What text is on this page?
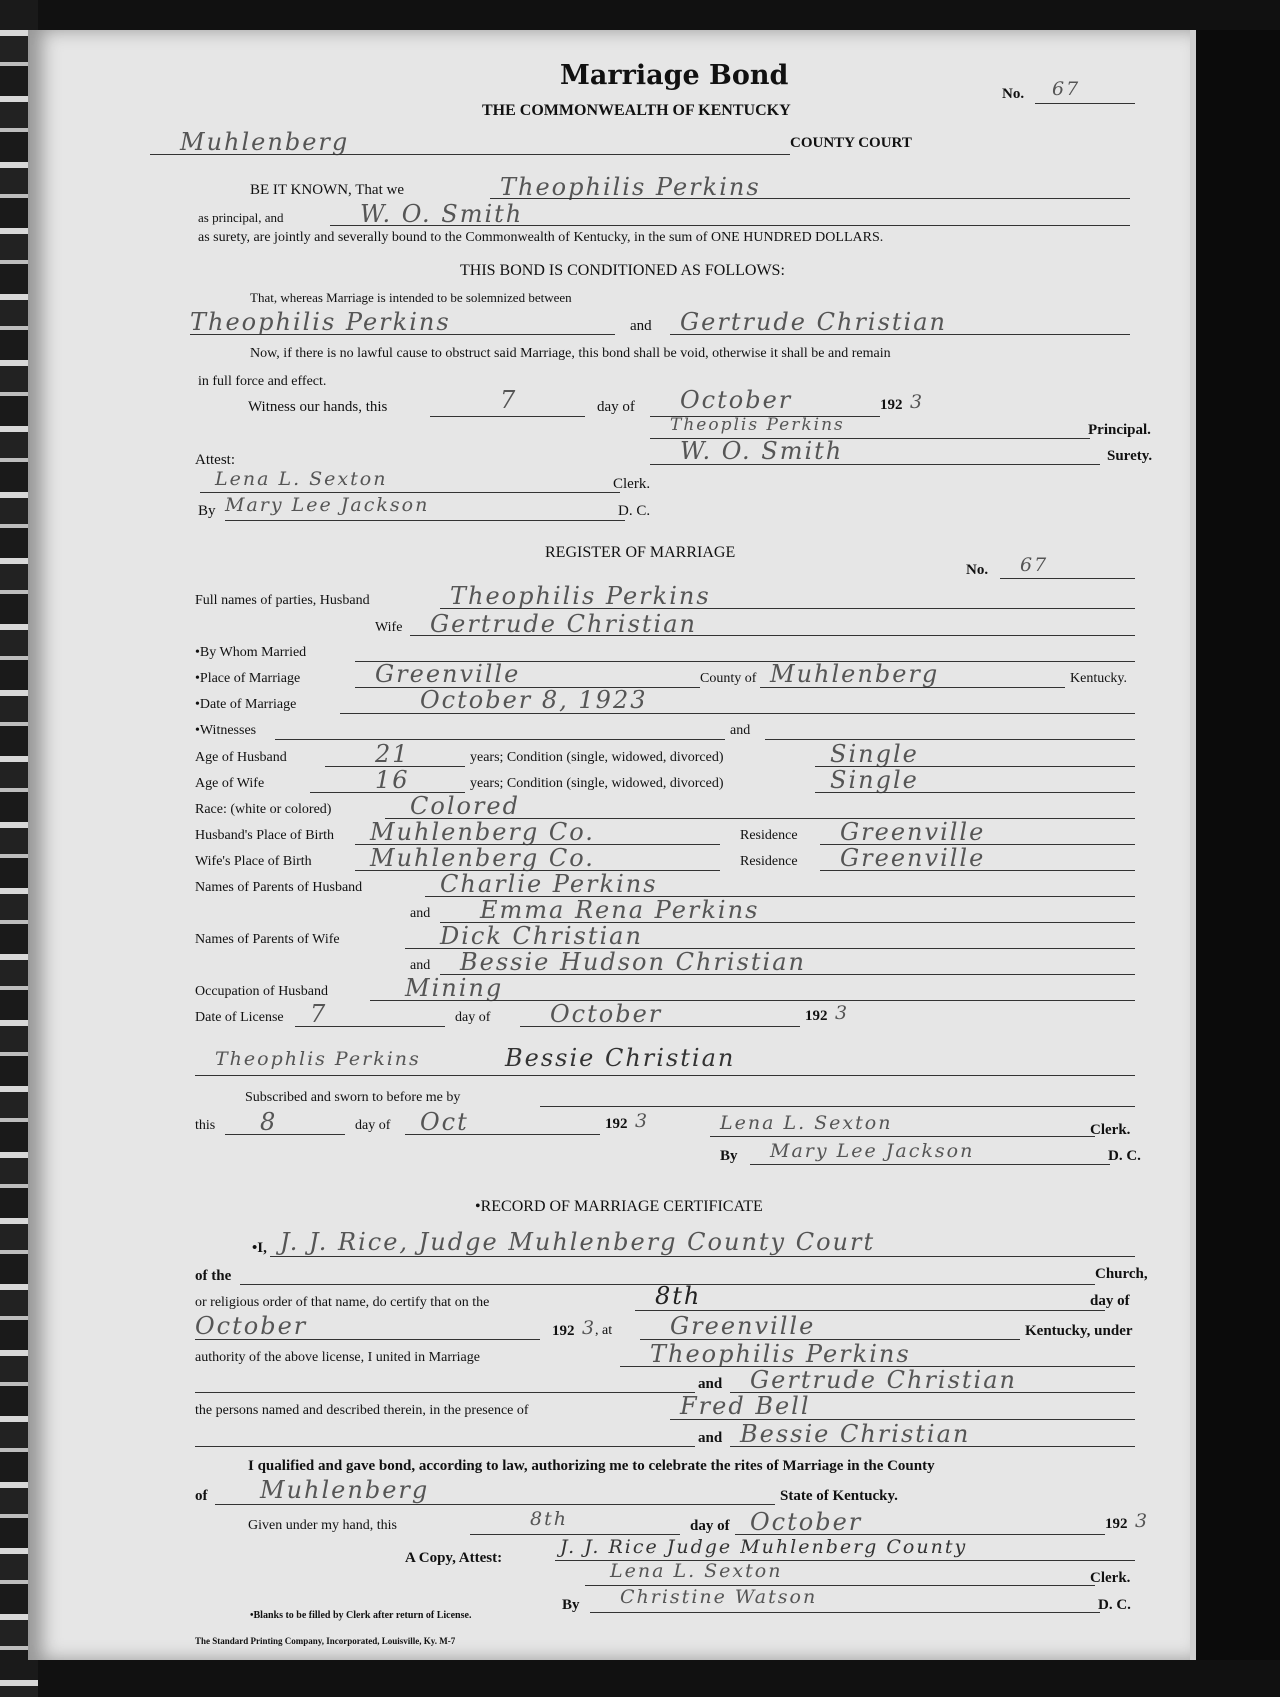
Marriage Bond
THE COMMONWEALTH OF KENTUCKY
No. 67
Muhlenberg	COUNTY COURT
BE IT KNOWN, That we	Theophilis Perkins
as principal, and	W. O. Smith
as surety, are jointly and severally bound to the Commonwealth of Kentucky, in the sum of ONE HUNDRED DOLLARS.
THIS BOND IS CONDITIONED AS FOLLOWS:
That, whereas Marriage is intended to be solemnized between
Theophilis Perkins	and Gertrude Christian
Now, if there is no lawful cause to obstruct said Marriage, this bond shall be void, otherwise it shall be and remain
in full force and effect.
Witness our hands, this	7	day of October	192 3
Theoplis Perkins	Principal.
W. O. Smith	Surety.
Attest:
Lena L. Sexton	Clerk.
By Mary Lee Jackson	D. C.
REGISTER OF MARRIAGE
No. 67
Full names of parties, Husband	Theophilis Perkins
Wife Gertrude Christian
•By Whom Married
•Place of Marriage	Greenville	County of Muhlenberg	Kentucky.
•Date of Marriage	October 8, 1923
•Witnesses	and
Age of Husband	21	years; Condition (single, widowed, divorced)	Single
Age of Wife	16	years; Condition (single, widowed, divorced)	Single
Race: (white or colored)	Colored
Husband's Place of Birth Muhlenberg Co.	Residence Greenville
Wife's Place of Birth Muhlenberg Co.	Residence Greenville
Names of Parents of Husband	Charlie Perkins
and Emma Rena Perkins
Names of Parents of Wife	Dick Christian
and Bessie Hudson Christian
Occupation of Husband	Mining
Date of License 7	day of October	192 3
Theophlis Perkins	Bessie Christian
Subscribed and sworn to before me by
this 8	day of Oct	192 3	Lena L. Sexton	Clerk.
By Mary Lee Jackson	D. C.
•RECORD OF MARRIAGE CERTIFICATE
•I, J. J. Rice, Judge Muhlenberg County Court
of the	Church,
or religious order of that name, do certify that on the	8th	day of
October	192 3
, at Greenville	Kentucky, under
authority of the above license, I united in Marriage	Theophilis Perkins
and Gertrude Christian
the persons named and described therein, in the presence of	Fred Bell
and Bessie Christian
I qualified and gave bond, according to law, authorizing me to celebrate the rites of Marriage in the County
of Muhlenberg	State of Kentucky.
Given under my hand, this	8th	day of October	192 3
J. J. Rice Judge Muhlenberg County
A Copy, Attest:
Lena L. Sexton	Clerk.
By Christine Watson	D. C.
•Blanks to be filled by Clerk after return of License.
The Standard Printing Company, Incorporated, Louisville, Ky. M-7
